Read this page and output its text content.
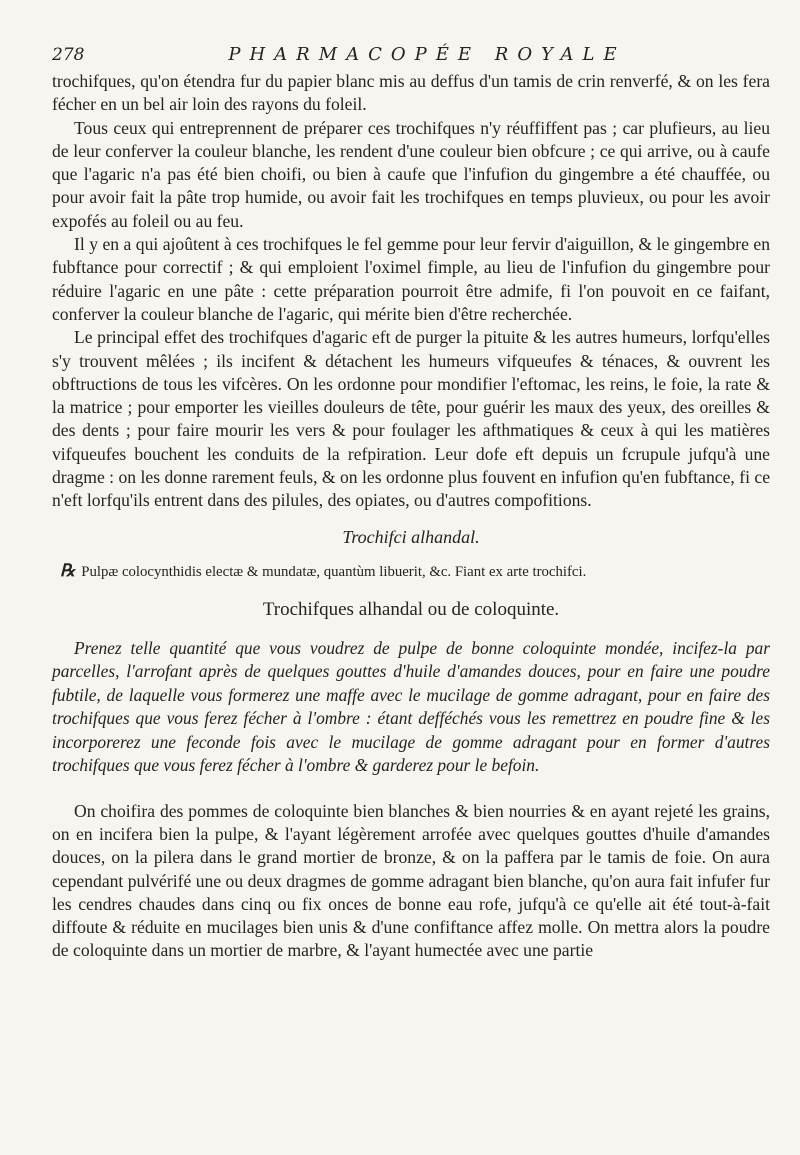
278	PHARMACOPÉE ROYALE

trochifques, qu'on étendra fur du papier blanc mis au deffus d'un tamis de crin renverfé, & on les fera fécher en un bel air loin des rayons du foleil.

Tous ceux qui entreprennent de préparer ces trochifques n'y réuffiffent pas ; car plufieurs, au lieu de leur conferver la couleur blanche, les rendent d'une couleur bien obfcure ; ce qui arrive, ou à caufe que l'agaric n'a pas été bien choifi, ou bien à caufe que l'infufion du gingembre a été chauffée, ou pour avoir fait la pâte trop humide, ou avoir fait les trochifques en temps pluvieux, ou pour les avoir expofés au foleil ou au feu.

Il y en a qui ajoûtent à ces trochifques le fel gemme pour leur fervir d'aiguillon, & le gingembre en fubftance pour correctif ; & qui emploient l'oximel fimple, au lieu de l'infufion du gingembre pour réduire l'agaric en une pâte : cette préparation pourroit être admife, fi l'on pouvoit en ce faifant, conferver la couleur blanche de l'agaric, qui mérite bien d'être recherchée.

Le principal effet des trochifques d'agaric eft de purger la pituite & les autres humeurs, lorfqu'elles s'y trouvent mêlées ; ils incifent & détachent les humeurs vifqueufes & ténaces, & ouvrent les obftructions de tous les vifcères. On les ordonne pour mondifier l'eftomac, les reins, le foie, la rate & la matrice ; pour emporter les vieilles douleurs de tête, pour guérir les maux des yeux, des oreilles & des dents ; pour faire mourir les vers & pour foulager les afthmatiques & ceux à qui les matières vifqueufes bouchent les conduits de la refpiration. Leur dofe eft depuis un fcrupule jufqu'à une dragme : on les donne rarement feuls, & on les ordonne plus fouvent en infufion qu'en fubftance, fi ce n'eft lorfqu'ils entrent dans des pilules, des opiates, ou d'autres compofitions.

Trochifci alhandal.
℞ Pulpæ colocynthidis electæ & mundatæ, quantùm libuerit, &c. Fiant ex arte trochifci.
Trochifques alhandal ou de coloquinte.

Prenez telle quantité que vous voudrez de pulpe de bonne coloquinte mondée, incifez-la par parcelles, l'arrofant après de quelques gouttes d'huile d'amandes douces, pour en faire une poudre fubtile, de laquelle vous formerez une maffe avec le mucilage de gomme adragant, pour en faire des trochifques que vous ferez fécher à l'ombre : étant defféchés vous les remettrez en poudre fine & les incorporerez une feconde fois avec le mucilage de gomme adragant pour en former d'autres trochifques que vous ferez fécher à l'ombre & garderez pour le befoin.

On choifira des pommes de coloquinte bien blanches & bien nourries & en ayant rejeté les grains, on en incifera bien la pulpe, & l'ayant légèrement arrofée avec quelques gouttes d'huile d'amandes douces, on la pilera dans le grand mortier de bronze, & on la paffera par le tamis de foie. On aura cependant pulvérifé une ou deux dragmes de gomme adragant bien blanche, qu'on aura fait infufer fur les cendres chaudes dans cinq ou fix onces de bonne eau rofe, jufqu'à ce qu'elle ait été tout-à-fait diffoute & réduite en mucilages bien unis & d'une confiftance affez molle. On mettra alors la poudre de coloquinte dans un mortier de marbre, & l'ayant humectée avec une partie
